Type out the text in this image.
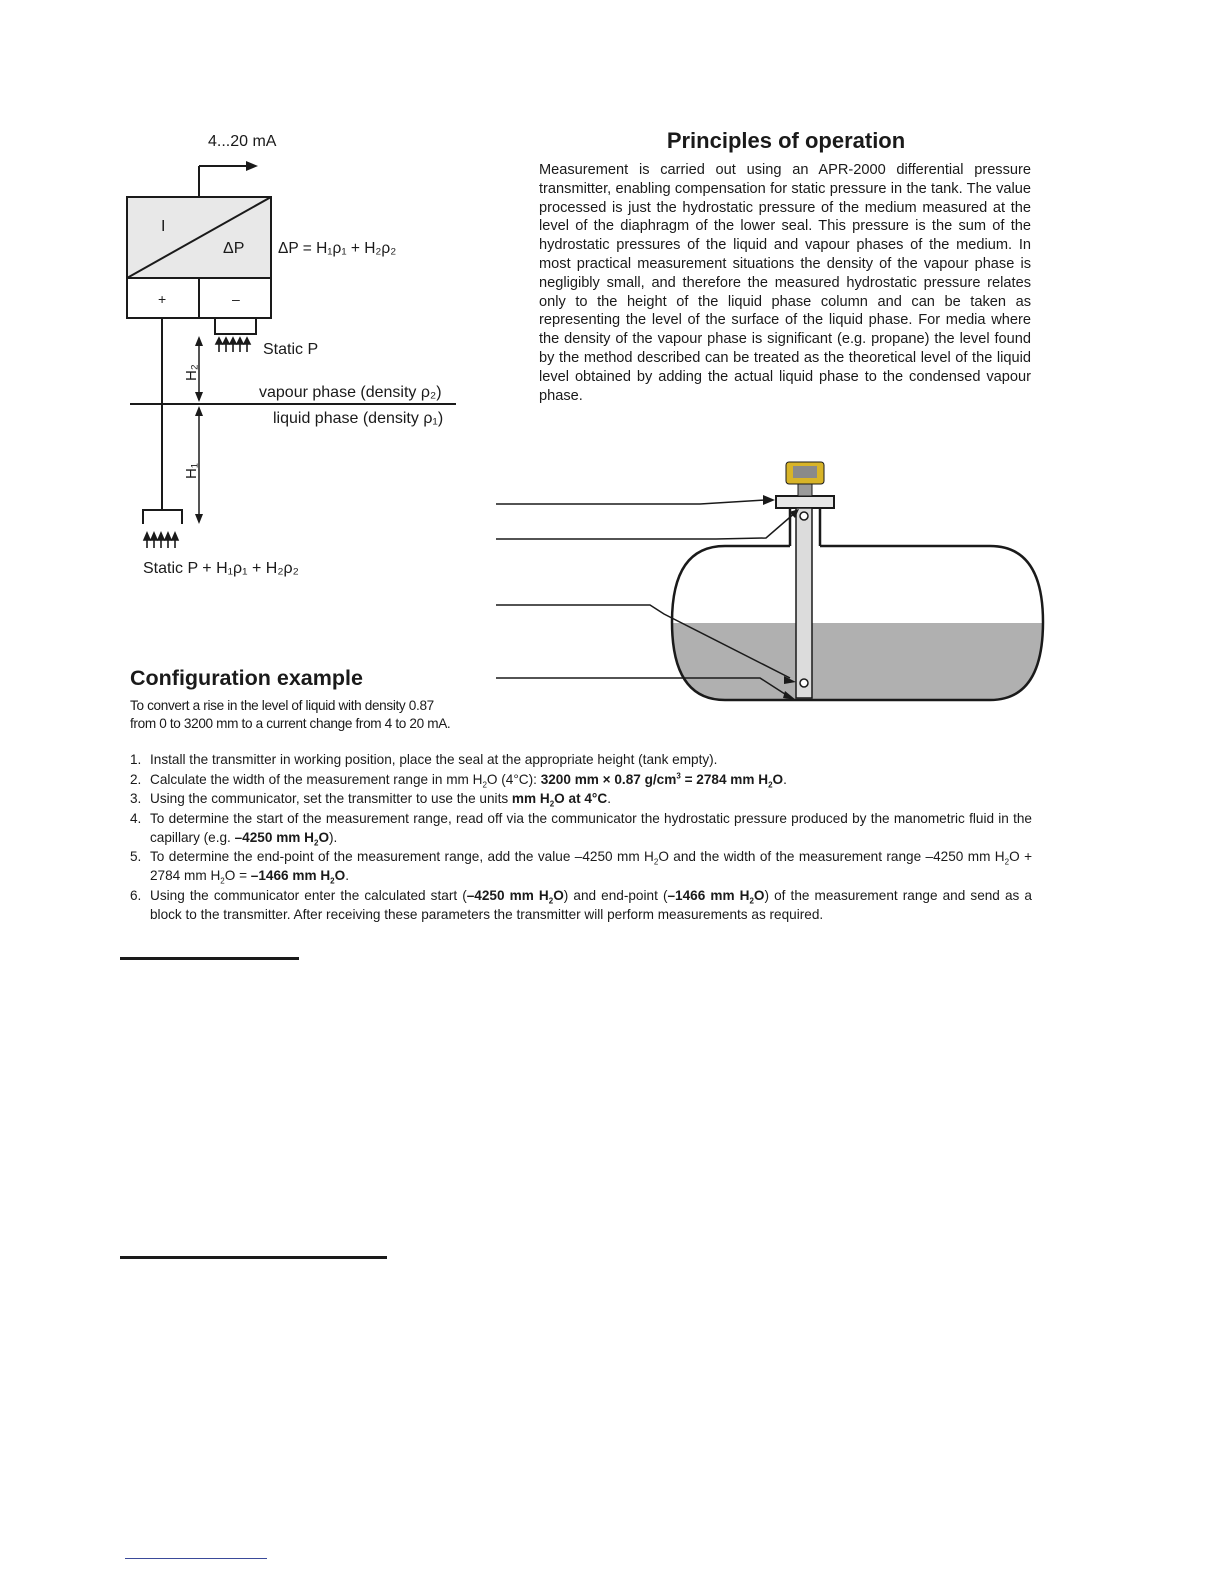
4...20 mA
I
ΔP ΔP = H₁ρ₁ + H₂ρ₂
+	–
Static P
vapour phase (density ρ₂)
liquid phase (density ρ₁)
H₂
H₁
Static P + H₁ρ₁ + H₂ρ₂
Principles of operation
Measurement is carried out using an APR-2000 differential pressure transmitter, enabling compensation for static pressure in the tank. The value processed is just the hydrostatic pressure of the medium measured at the level of the diaphragm of the lower seal. This pressure is the sum of the hydrostatic pressures of the liquid and vapour phases of the medium. In most practical measurement situations the density of the vapour phase is negligibly small, and therefore the measured hydrostatic pressure relates only to the height of the liquid phase column and can be taken as representing the level of the surface of the liquid phase. For media where the density of the vapour phase is significant (e.g. propane) the level found by the method described can be treated as the theoretical level of the liquid level obtained by adding the actual liquid phase to the condensed vapour phase.
Configuration example
To convert a rise in the level of liquid with density 0.87 from 0 to 3200 mm to a current change from 4 to 20 mA.
1. Install the transmitter in working position, place the seal at the appropriate height (tank empty).
2. Calculate the width of the measurement range in mm $H_2O$ (4°C): 3200 mm × 0.87 $g/cm^3 = 2784$ mm $H_2O$.
3. Using the communicator, set the transmitter to use the units mm $H_2O$ at 4°C.
4. To determine the start of the measurement range, read off via the communicator the hydrostatic pressure produced by the manometric fluid in the capillary (e.g. –4250 mm $H_2O$).
5. To determine the end-point of the measurement range, add the value –4250 mm $H_2O$ and the width of the measurement range –4250 mm $H_2O + 2784$ mm $H_2O = -1466$ mm $H_2O$.
6. Using the communicator enter the calculated start (–4250 mm $H_2O$) and end-point (–1466 mm $H_2O$) of the measurement range and send as a block to the transmitter. After receiving these parameters the transmitter will perform measurements as required.
